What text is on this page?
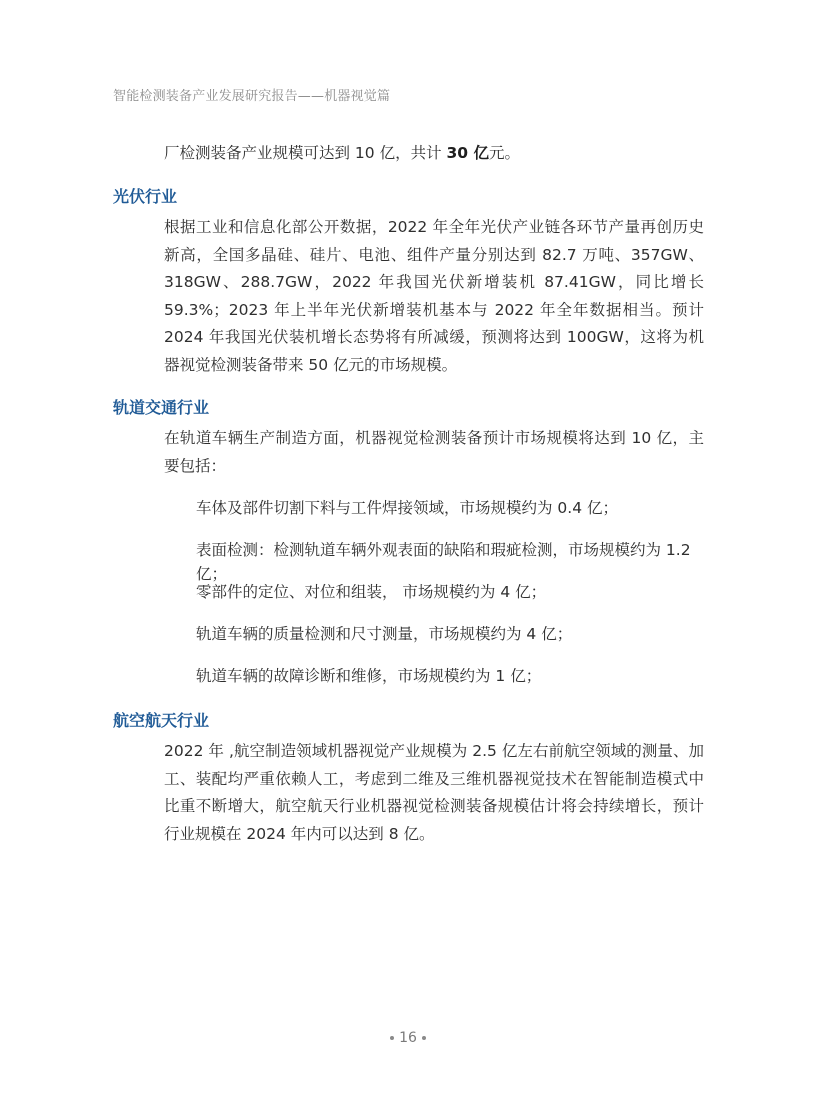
智能检测装备产业发展研究报告——机器视觉篇

厂检测装备产业规模可达到 10 亿，共计 30 亿元。

光伏行业

根据工业和信息化部公开数据，2022 年全年光伏产业链各环节产量再创历史新高，全国多晶硅、硅片、电池、组件产量分别达到 82.7 万吨、357GW、318GW、288.7GW，2022 年我国光伏新增装机 87.41GW，同比增长 59.3%；2023 年上半年光伏新增装机基本与 2022 年全年数据相当。预计 2024 年我国光伏装机增长态势将有所减缓，预测将达到 100GW，这将为机器视觉检测装备带来 50 亿元的市场规模。

轨道交通行业

在轨道车辆生产制造方面，机器视觉检测装备预计市场规模将达到 10 亿，主要包括：

车体及部件切割下料与工件焊接领域，市场规模约为 0.4 亿；

表面检测：检测轨道车辆外观表面的缺陷和瑕疵检测，市场规模约为 1.2 亿；

零部件的定位、对位和组装， 市场规模约为 4 亿；

轨道车辆的质量检测和尺寸测量，市场规模约为 4 亿；

轨道车辆的故障诊断和维修，市场规模约为 1 亿；

航空航天行业

2022 年 ,航空制造领域机器视觉产业规模为 2.5 亿左右前航空领域的测量、加工、装配均严重依赖人工，考虑到二维及三维机器视觉技术在智能制造模式中比重不断增大，航空航天行业机器视觉检测装备规模估计将会持续增长，预计行业规模在 2024 年内可以达到 8 亿。

16
